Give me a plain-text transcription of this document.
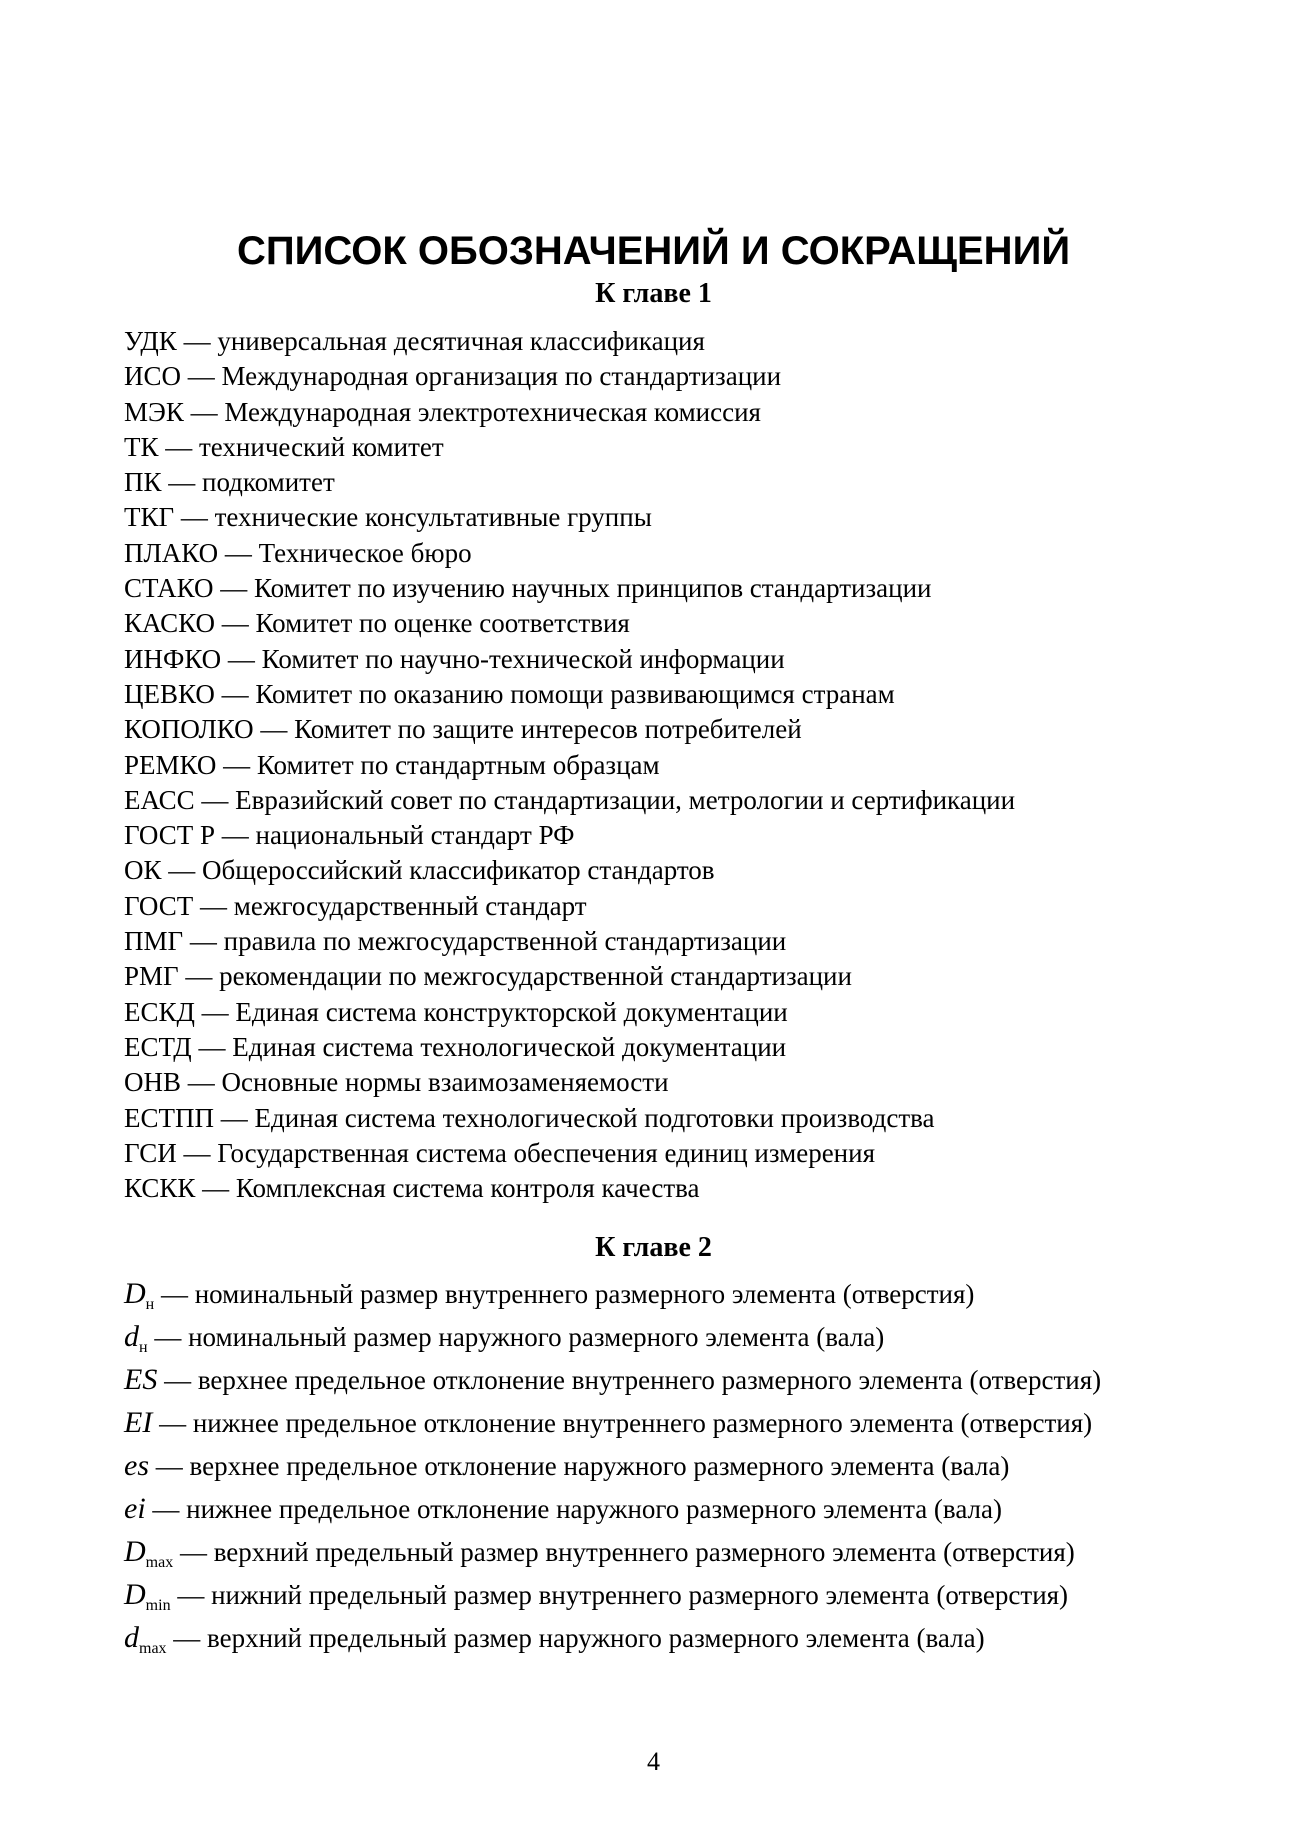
СПИСОК ОБОЗНАЧЕНИЙ И СОКРАЩЕНИЙ
К главе 1
УДК — универсальная десятичная классификация
ИСО — Международная организация по стандартизации
МЭК — Международная электротехническая комиссия
ТК — технический комитет
ПК — подкомитет
ТКГ — технические консультативные группы
ПЛАКО — Техническое бюро
СТАКО — Комитет по изучению научных принципов стандартизации
КАСКО — Комитет по оценке соответствия
ИНФКО — Комитет по научно-технической информации
ЦЕВКО — Комитет по оказанию помощи развивающимся странам
КОПОЛКО — Комитет по защите интересов потребителей
РЕМКО — Комитет по стандартным образцам
ЕАСС — Евразийский совет по стандартизации, метрологии и сертификации
ГОСТ Р — национальный стандарт РФ
ОК — Общероссийский классификатор стандартов
ГОСТ — межгосударственный стандарт
ПМГ — правила по межгосударственной стандартизации
РМГ — рекомендации по межгосударственной стандартизации
ЕСКД — Единая система конструкторской документации
ЕСТД — Единая система технологической документации
ОНВ — Основные нормы взаимозаменяемости
ЕСТПП — Единая система технологической подготовки производства
ГСИ — Государственная система обеспечения единиц измерения
КСКК — Комплексная система контроля качества
К главе 2
$D_н$ — номинальный размер внутреннего размерного элемента (отверстия)
$d_н$ — номинальный размер наружного размерного элемента (вала)
ES — верхнее предельное отклонение внутреннего размерного элемента (отверстия)
EI — нижнее предельное отклонение внутреннего размерного элемента (отверстия)
es — верхнее предельное отклонение наружного размерного элемента (вала)
ei — нижнее предельное отклонение наружного размерного элемента (вала)
$D_{max}$ — верхний предельный размер внутреннего размерного элемента (отверстия)
$D_{min}$ — нижний предельный размер внутреннего размерного элемента (отверстия)
$d_{max}$ — верхний предельный размер наружного размерного элемента (вала)
4
